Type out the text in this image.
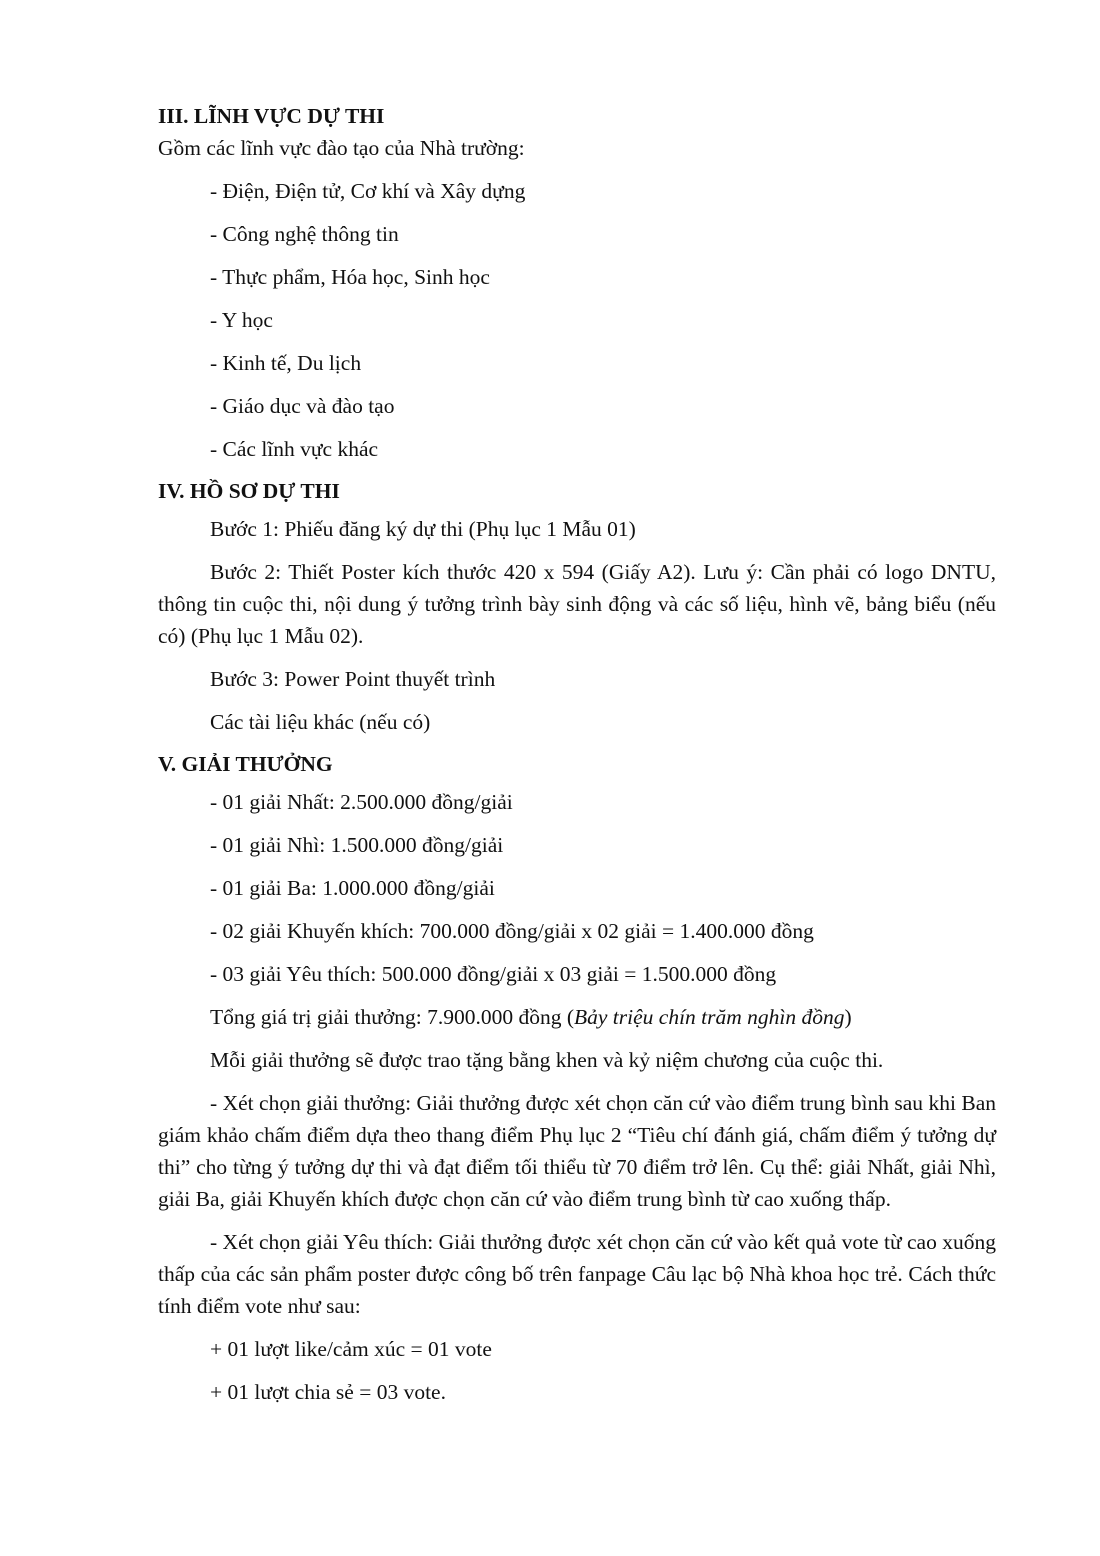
III. LĨNH VỰC DỰ THI

Gồm các lĩnh vực đào tạo của Nhà trường:

- Điện, Điện tử, Cơ khí và Xây dựng

- Công nghệ thông tin

- Thực phẩm, Hóa học, Sinh học

- Y học

- Kinh tế, Du lịch

- Giáo dục và đào tạo

- Các lĩnh vực khác

IV. HỒ SƠ DỰ THI

Bước 1: Phiếu đăng ký dự thi (Phụ lục 1 Mẫu 01)

Bước 2: Thiết Poster kích thước 420 x 594 (Giấy A2). Lưu ý: Cần phải có logo DNTU, thông tin cuộc thi, nội dung ý tưởng trình bày sinh động và các số liệu, hình vẽ, bảng biểu (nếu có) (Phụ lục 1 Mẫu 02).

Bước 3: Power Point thuyết trình

Các tài liệu khác (nếu có)

V. GIẢI THƯỞNG

- 01 giải Nhất: 2.500.000 đồng/giải

- 01 giải Nhì: 1.500.000 đồng/giải

- 01 giải Ba: 1.000.000 đồng/giải

- 02 giải Khuyến khích: 700.000 đồng/giải x 02 giải = 1.400.000 đồng

- 03 giải Yêu thích: 500.000 đồng/giải x 03 giải = 1.500.000 đồng

Tổng giá trị giải thưởng: 7.900.000 đồng (Bảy triệu chín trăm nghìn đồng)

Mỗi giải thưởng sẽ được trao tặng bằng khen và kỷ niệm chương của cuộc thi.

- Xét chọn giải thưởng: Giải thưởng được xét chọn căn cứ vào điểm trung bình sau khi Ban giám khảo chấm điểm dựa theo thang điểm Phụ lục 2 “Tiêu chí đánh giá, chấm điểm ý tưởng dự thi” cho từng ý tưởng dự thi và đạt điểm tối thiểu từ 70 điểm trở lên. Cụ thể: giải Nhất, giải Nhì, giải Ba, giải Khuyến khích được chọn căn cứ vào điểm trung bình từ cao xuống thấp.

- Xét chọn giải Yêu thích: Giải thưởng được xét chọn căn cứ vào kết quả vote từ cao xuống thấp của các sản phẩm poster được công bố trên fanpage Câu lạc bộ Nhà khoa học trẻ. Cách thức tính điểm vote như sau:

+ 01 lượt like/cảm xúc = 01 vote

+ 01 lượt chia sẻ = 03 vote.
